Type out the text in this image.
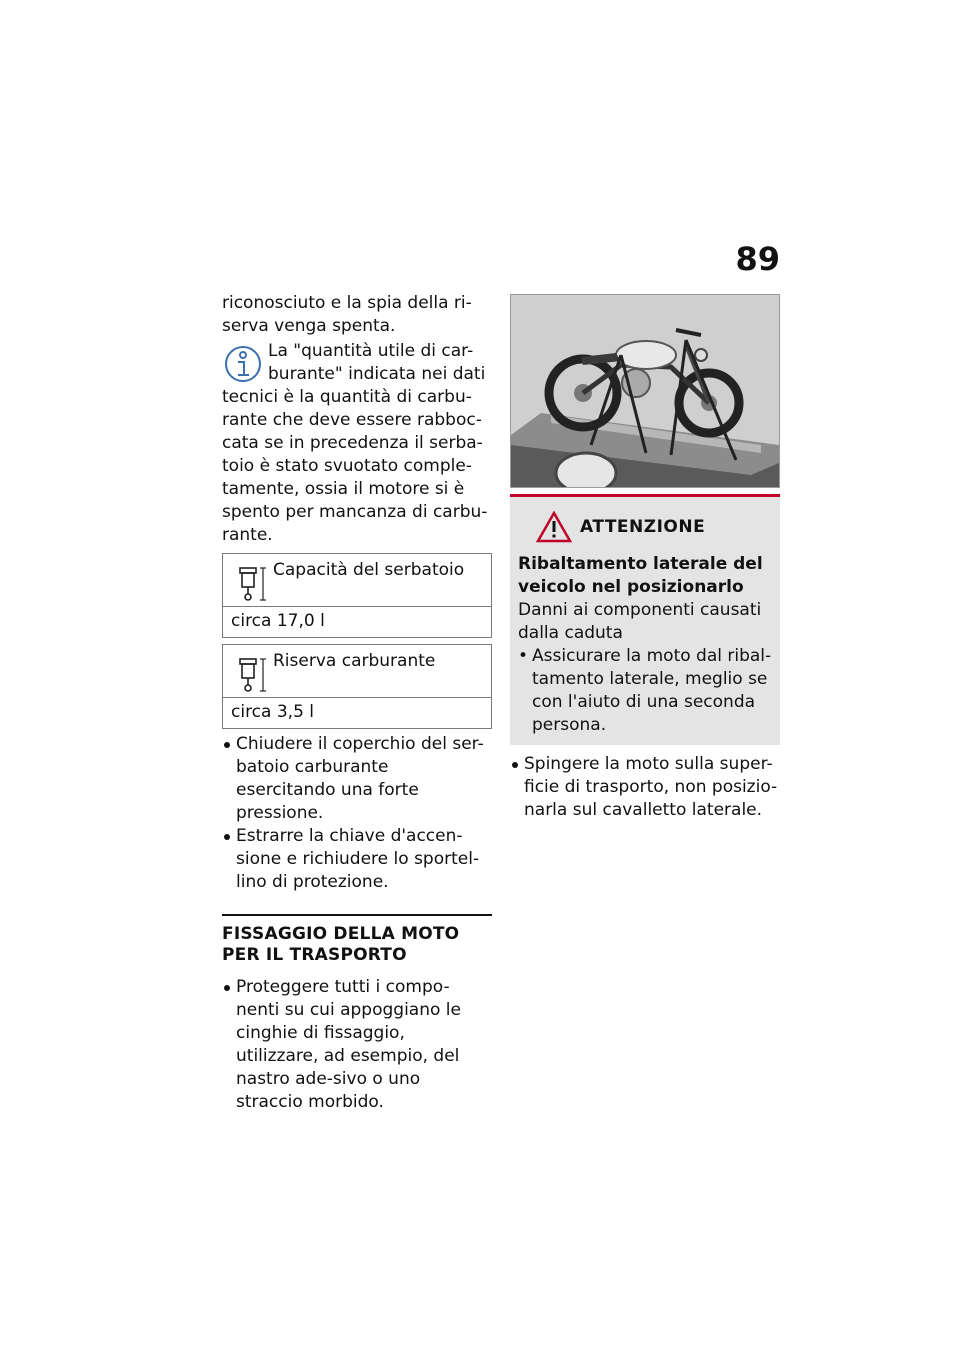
89

riconosciuto e la spia della ri-serva venga spenta.

La "quantità utile di car-burante" indicata nei dati

tecnici è la quantità di carbu-rante che deve essere rabboc-cata se in precedenza il serba-toio è stato svuotato comple-tamente, ossia il motore si è spento per mancanza di carbu-rante.

Capacità del serbatoio
circa 17,0 l
Riserva carburante
circa 3,5 l
Chiudere il coperchio del ser-batoio carburante esercitando una forte pressione.
Estrarre la chiave d'accen-sione e richiudere lo sportel-lino di protezione.
FISSAGGIO DELLA MOTO PER IL TRASPORTO
Proteggere tutti i compo-nenti su cui appoggiano le cinghie di fissaggio, utilizzare, ad esempio, del nastro ade-sivo o uno straccio morbido.
ATTENZIONE

Ribaltamento laterale del veicolo nel posizionarlo

Danni ai componenti causati dalla caduta

• Assicurare la moto dal ribal-tamento laterale, meglio se con l'aiuto di una seconda persona.
Spingere la moto sulla super-ficie di trasporto, non posizio-narla sul cavalletto laterale.
